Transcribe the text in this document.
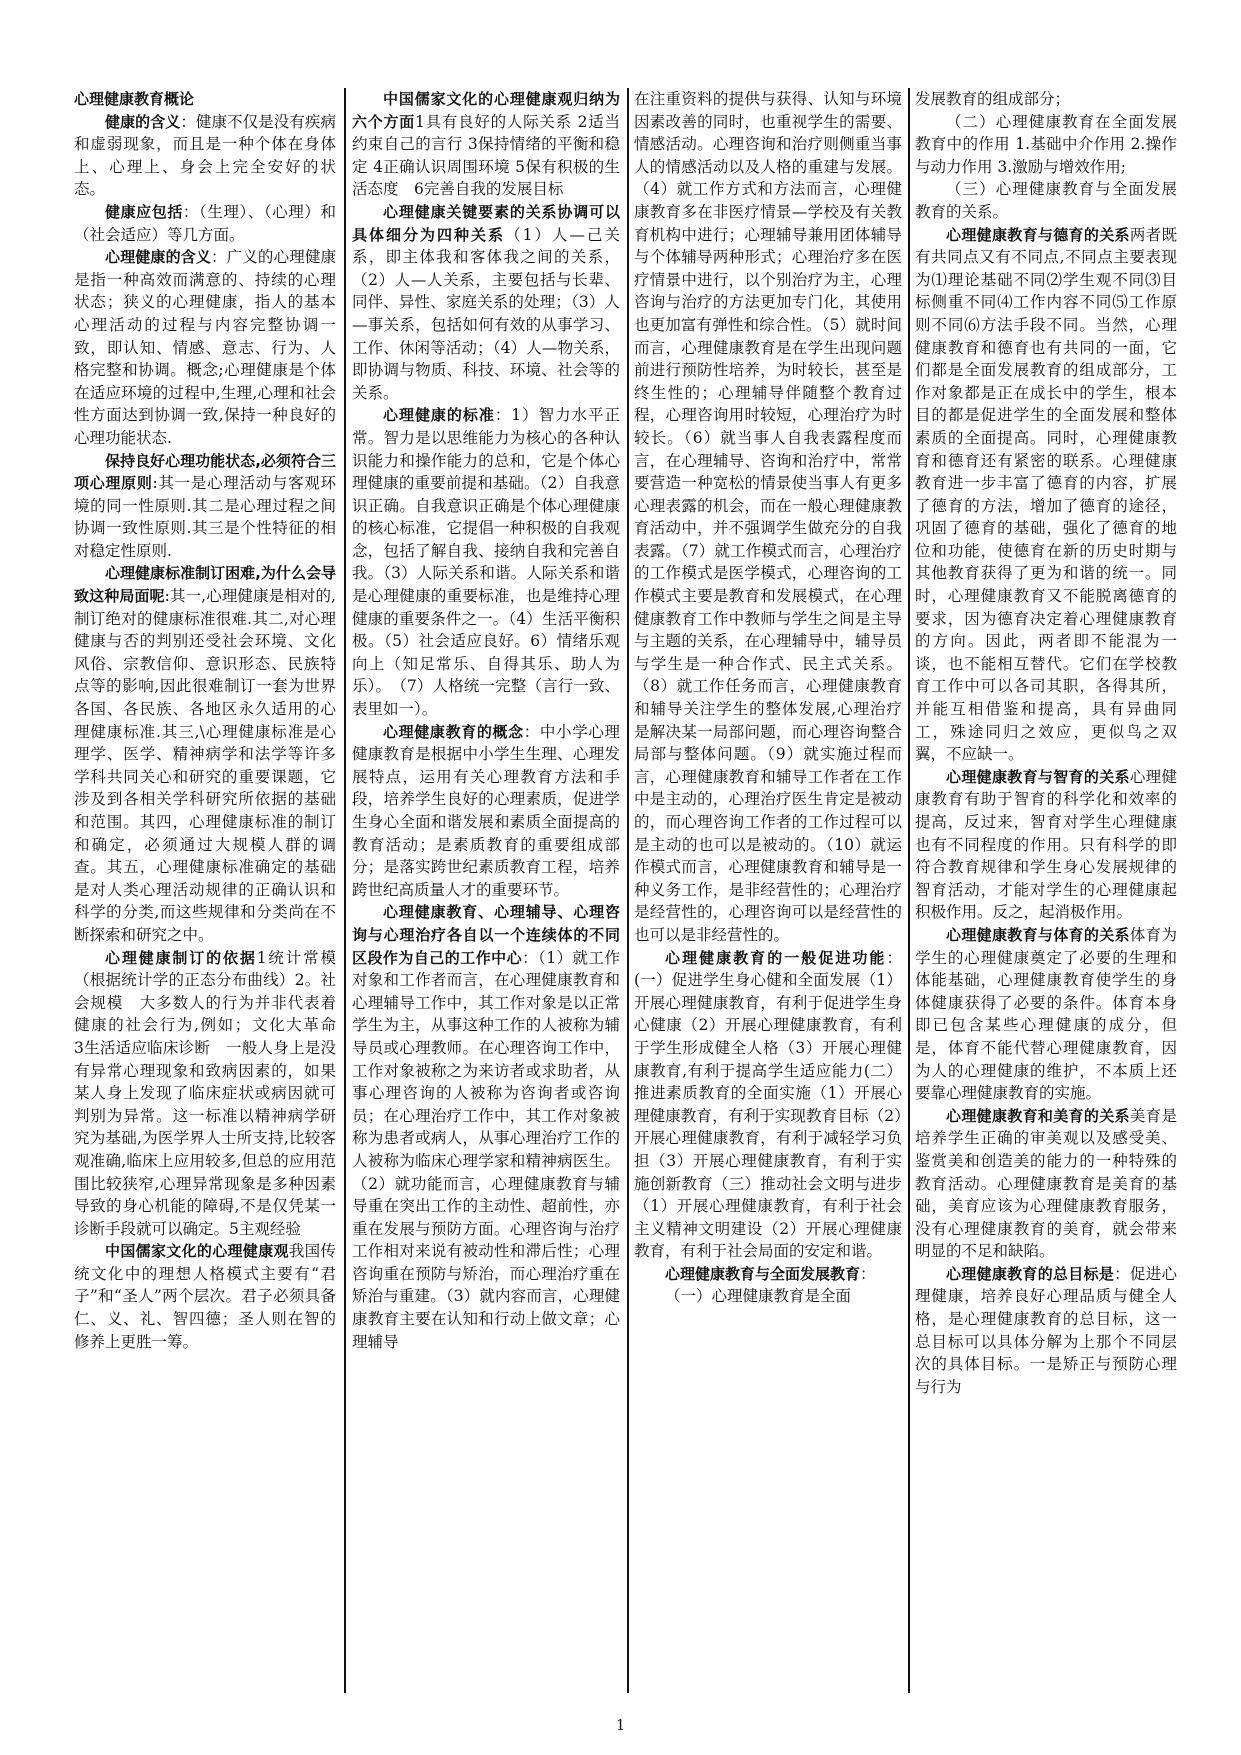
心理健康教育概论

健康的含义：健康不仅是没有疾病和虚弱现象，而且是一种个体在身体上、心理上、身会上完全安好的状态。

健康应包括：（生理）、（心理）和（社会适应）等几方面。

心理健康的含义：广义的心理健康是指一种高效而满意的、持续的心理状态；狭义的心理健康，指人的基本心理活动的过程与内容完整协调一致，即认知、情感、意志、行为、人格完整和协调。概念;心理健康是个体在适应环境的过程中,生理,心理和社会性方面达到协调一致,保持一种良好的心理功能状态.

保持良好心理功能状态,必须符合三项心理原则:其一是心理活动与客观环境的同一性原则.其二是心理过程之间协调一致性原则.其三是个性特征的相对稳定性原则.

心理健康标准制订困难,为什么会导致这种局面呢:其一,心理健康是相对的,制订绝对的健康标准很难.其二,对心理健康与否的判别还受社会环境、文化风俗、宗教信仰、意识形态、民族特点等的影响,因此很难制订一套为世界各国、各民族、各地区永久适用的心理健康标准.其三,\心理健康标准是心理学、医学、精神病学和法学等许多学科共同关心和研究的重要课题，它涉及到各相关学科研究所依据的基础和范围。其四，心理健康标准的制订和确定，必须通过大规模人群的调查。其五，心理健康标准确定的基础是对人类心理活动规律的正确认识和科学的分类,而这些规律和分类尚在不断探索和研究之中。

心理健康制订的依据1统计常模（根据统计学的正态分布曲线）2。社会规模　大多数人的行为并非代表着健康的社会行为,例如；文化大革命　3生活适应临床诊断　一般人身上是没有异常心理现象和致病因素的，如果某人身上发现了临床症状或病因就可判别为异常。这一标准以精神病学研究为基础,为医学界人士所支持,比较客观准确,临床上应用较多,但总的应用范围比较狭窄,心理异常现象是多种因素导致的身心机能的障碍,不是仅凭某一诊断手段就可以确定。5主观经验

中国儒家文化的心理健康观我国传统文化中的理想人格模式主要有“君子”和“圣人”两个层次。君子必须具备仁、义、礼、智四德；圣人则在智的修养上更胜一筹。

中国儒家文化的心理健康观归纳为六个方面1具有良好的人际关系 2适当约束自己的言行 3保持情绪的平衡和稳定 4正确认识周围环境 5保有积极的生活态度　6完善自我的发展目标

心理健康关键要素的关系协调可以具体细分为四种关系（1）人—己关系，即主体我和客体我之间的关系，（2）人—人关系，主要包括与长辈、同伴、异性、家庭关系的处理；（3）人—事关系，包括如何有效的从事学习、工作、休闲等活动；（4）人—物关系，即协调与物质、科技、环境、社会等的关系。

心理健康的标准：1）智力水平正常。智力是以思维能力为核心的各种认识能力和操作能力的总和，它是个体心理健康的重要前提和基础。（2）自我意识正确。自我意识正确是个体心理健康的核心标准，它提倡一种积极的自我观念，包括了解自我、接纳自我和完善自我。（3）人际关系和谐。人际关系和谐是心理健康的重要标准，也是维持心理健康的重要条件之一。（4）生活平衡积极。（5）社会适应良好。6）情绪乐观向上（知足常乐、自得其乐、助人为乐）。　（7）人格统一完整（言行一致、表里如一）。

心理健康教育的概念：中小学心理健康教育是根据中小学生生理、心理发展特点，运用有关心理教育方法和手段，培养学生良好的心理素质，促进学生身心全面和谐发展和素质全面提高的教育活动；是素质教育的重要组成部分；是落实跨世纪素质教育工程，培养跨世纪高质量人才的重要环节。

心理健康教育、心理辅导、心理咨询与心理治疗各自以一个连续体的不同区段作为自己的工作中心：（1）就工作对象和工作者而言，在心理健康教育和心理辅导工作中，其工作对象是以正常学生为主，从事这种工作的人被称为辅导员或心理教师。在心理咨询工作中，工作对象被称之为来访者或求助者，从事心理咨询的人被称为咨询者或咨询员；在心理治疗工作中，其工作对象被称为患者或病人，从事心理治疗工作的人被称为临床心理学家和精神病医生。（2）就功能而言，心理健康教育与辅导重在突出工作的主动性、超前性，亦重在发展与预防方面。心理咨询与治疗工作相对来说有被动性和滞后性；心理咨询重在预防与矫治，而心理治疗重在矫治与重建。（3）就内容而言，心理健康教育主要在认知和行动上做文章；心理辅导

在注重资料的提供与获得、认知与环境因素改善的同时，也重视学生的需要、情感活动。心理咨询和治疗则侧重当事人的情感活动以及人格的重建与发展。（4）就工作方式和方法而言，心理健康教育多在非医疗情景—学校及有关教育机构中进行；心理辅导兼用团体辅导与个体辅导两种形式；心理治疗多在医疗情景中进行，以个别治疗为主，心理咨询与治疗的方法更加专门化，其使用也更加富有弹性和综合性。（5）就时间而言，心理健康教育是在学生出现问题前进行预防性培养，为时较长，甚至是终生性的；心理辅导伴随整个教育过程，心理咨询用时较短，心理治疗为时较长。（6）就当事人自我表露程度而言，在心理辅导、咨询和治疗中，常常要营造一种宽松的情景使当事人有更多心理表露的机会，而在一般心理健康教育活动中，并不强调学生做充分的自我表露。（7）就工作模式而言，心理治疗的工作模式是医学模式，心理咨询的工作模式主要是教育和发展模式，在心理健康教育工作中教师与学生之间是主导与主题的关系，在心理辅导中，辅导员与学生是一种合作式、民主式关系。（8）就工作任务而言，心理健康教育和辅导关注学生的整体发展,心理治疗是解决某一局部问题，而心理咨询整合局部与整体问题。（9）就实施过程而言，心理健康教育和辅导工作者在工作中是主动的，心理治疗医生肯定是被动的，而心理咨询工作者的工作过程可以是主动的也可以是被动的。（10）就运作模式而言，心理健康教育和辅导是一种义务工作，是非经营性的；心理治疗是经营性的，心理咨询可以是经营性的也可以是非经营性的。

心理健康教育的一般促进功能：(一）促进学生身心健和全面发展（1）开展心理健康教育，有利于促进学生身心健康（2）开展心理健康教育，有利于学生形成健全人格（3）开展心理健康教育,有利于提高学生适应能力(二）推进素质教育的全面实施（1）开展心理健康教育，有利于实现教育目标（2）开展心理健康教育，有利于减轻学习负担（3）开展心理健康教育，有利于实施创新教育（三）推动社会文明与进步（1）开展心理健康教育，有利于社会主义精神文明建设（2）开展心理健康教育，有利于社会局面的安定和谐。

心理健康教育与全面发展教育：

（一）心理健康教育是全面

发展教育的组成部分；

（二）心理健康教育在全面发展教育中的作用 1.基础中介作用 2.操作与动力作用 3.激励与增效作用;

（三）心理健康教育与全面发展教育的关系。

心理健康教育与德育的关系两者既有共同点又有不同点,不同点主要表现为⑴理论基础不同⑵学生观不同⑶目标侧重不同⑷工作内容不同⑸工作原则不同⑹方法手段不同。当然，心理健康教育和德育也有共同的一面，它们都是全面发展教育的组成部分，工作对象都是正在成长中的学生，根本目的都是促进学生的全面发展和整体素质的全面提高。同时，心理健康教育和德育还有紧密的联系。心理健康教育进一步丰富了德育的内容，扩展了德育的方法，增加了德育的途径，巩固了德育的基础，强化了德育的地位和功能，使德育在新的历史时期与其他教育获得了更为和谐的统一。同时，心理健康教育又不能脱离德育的要求，因为德育决定着心理健康教育的方向。因此，两者即不能混为一谈，也不能相互替代。它们在学校教育工作中可以各司其职，各得其所，并能互相借鉴和提高，具有异曲同工，殊途同归之效应，更似鸟之双翼，不应缺一。

心理健康教育与智育的关系心理健康教育有助于智育的科学化和效率的提高，反过来，智育对学生心理健康也有不同程度的作用。只有科学的即符合教育规律和学生身心发展规律的智育活动，才能对学生的心理健康起积极作用。反之，起消极作用。

心理健康教育与体育的关系体育为学生的心理健康奠定了必要的生理和体能基础，心理健康教育使学生的身体健康获得了必要的条件。体育本身即已包含某些心理健康的成分，但是，体育不能代替心理健康教育，因为人的心理健康的维护，不本质上还要靠心理健康教育的实施。

心理健康教育和美育的关系美育是培养学生正确的审美观以及感受美、鉴赏美和创造美的能力的一种特殊的教育活动。心理健康教育是美育的基础，美育应该为心理健康教育服务，没有心理健康教育的美育，就会带来明显的不足和缺陷。

心理健康教育的总目标是：促进心理健康，培养良好心理品质与健全人格，是心理健康教育的总目标，这一总目标可以具体分解为上那个不同层次的具体目标。一是矫正与预防心理与行为

1
